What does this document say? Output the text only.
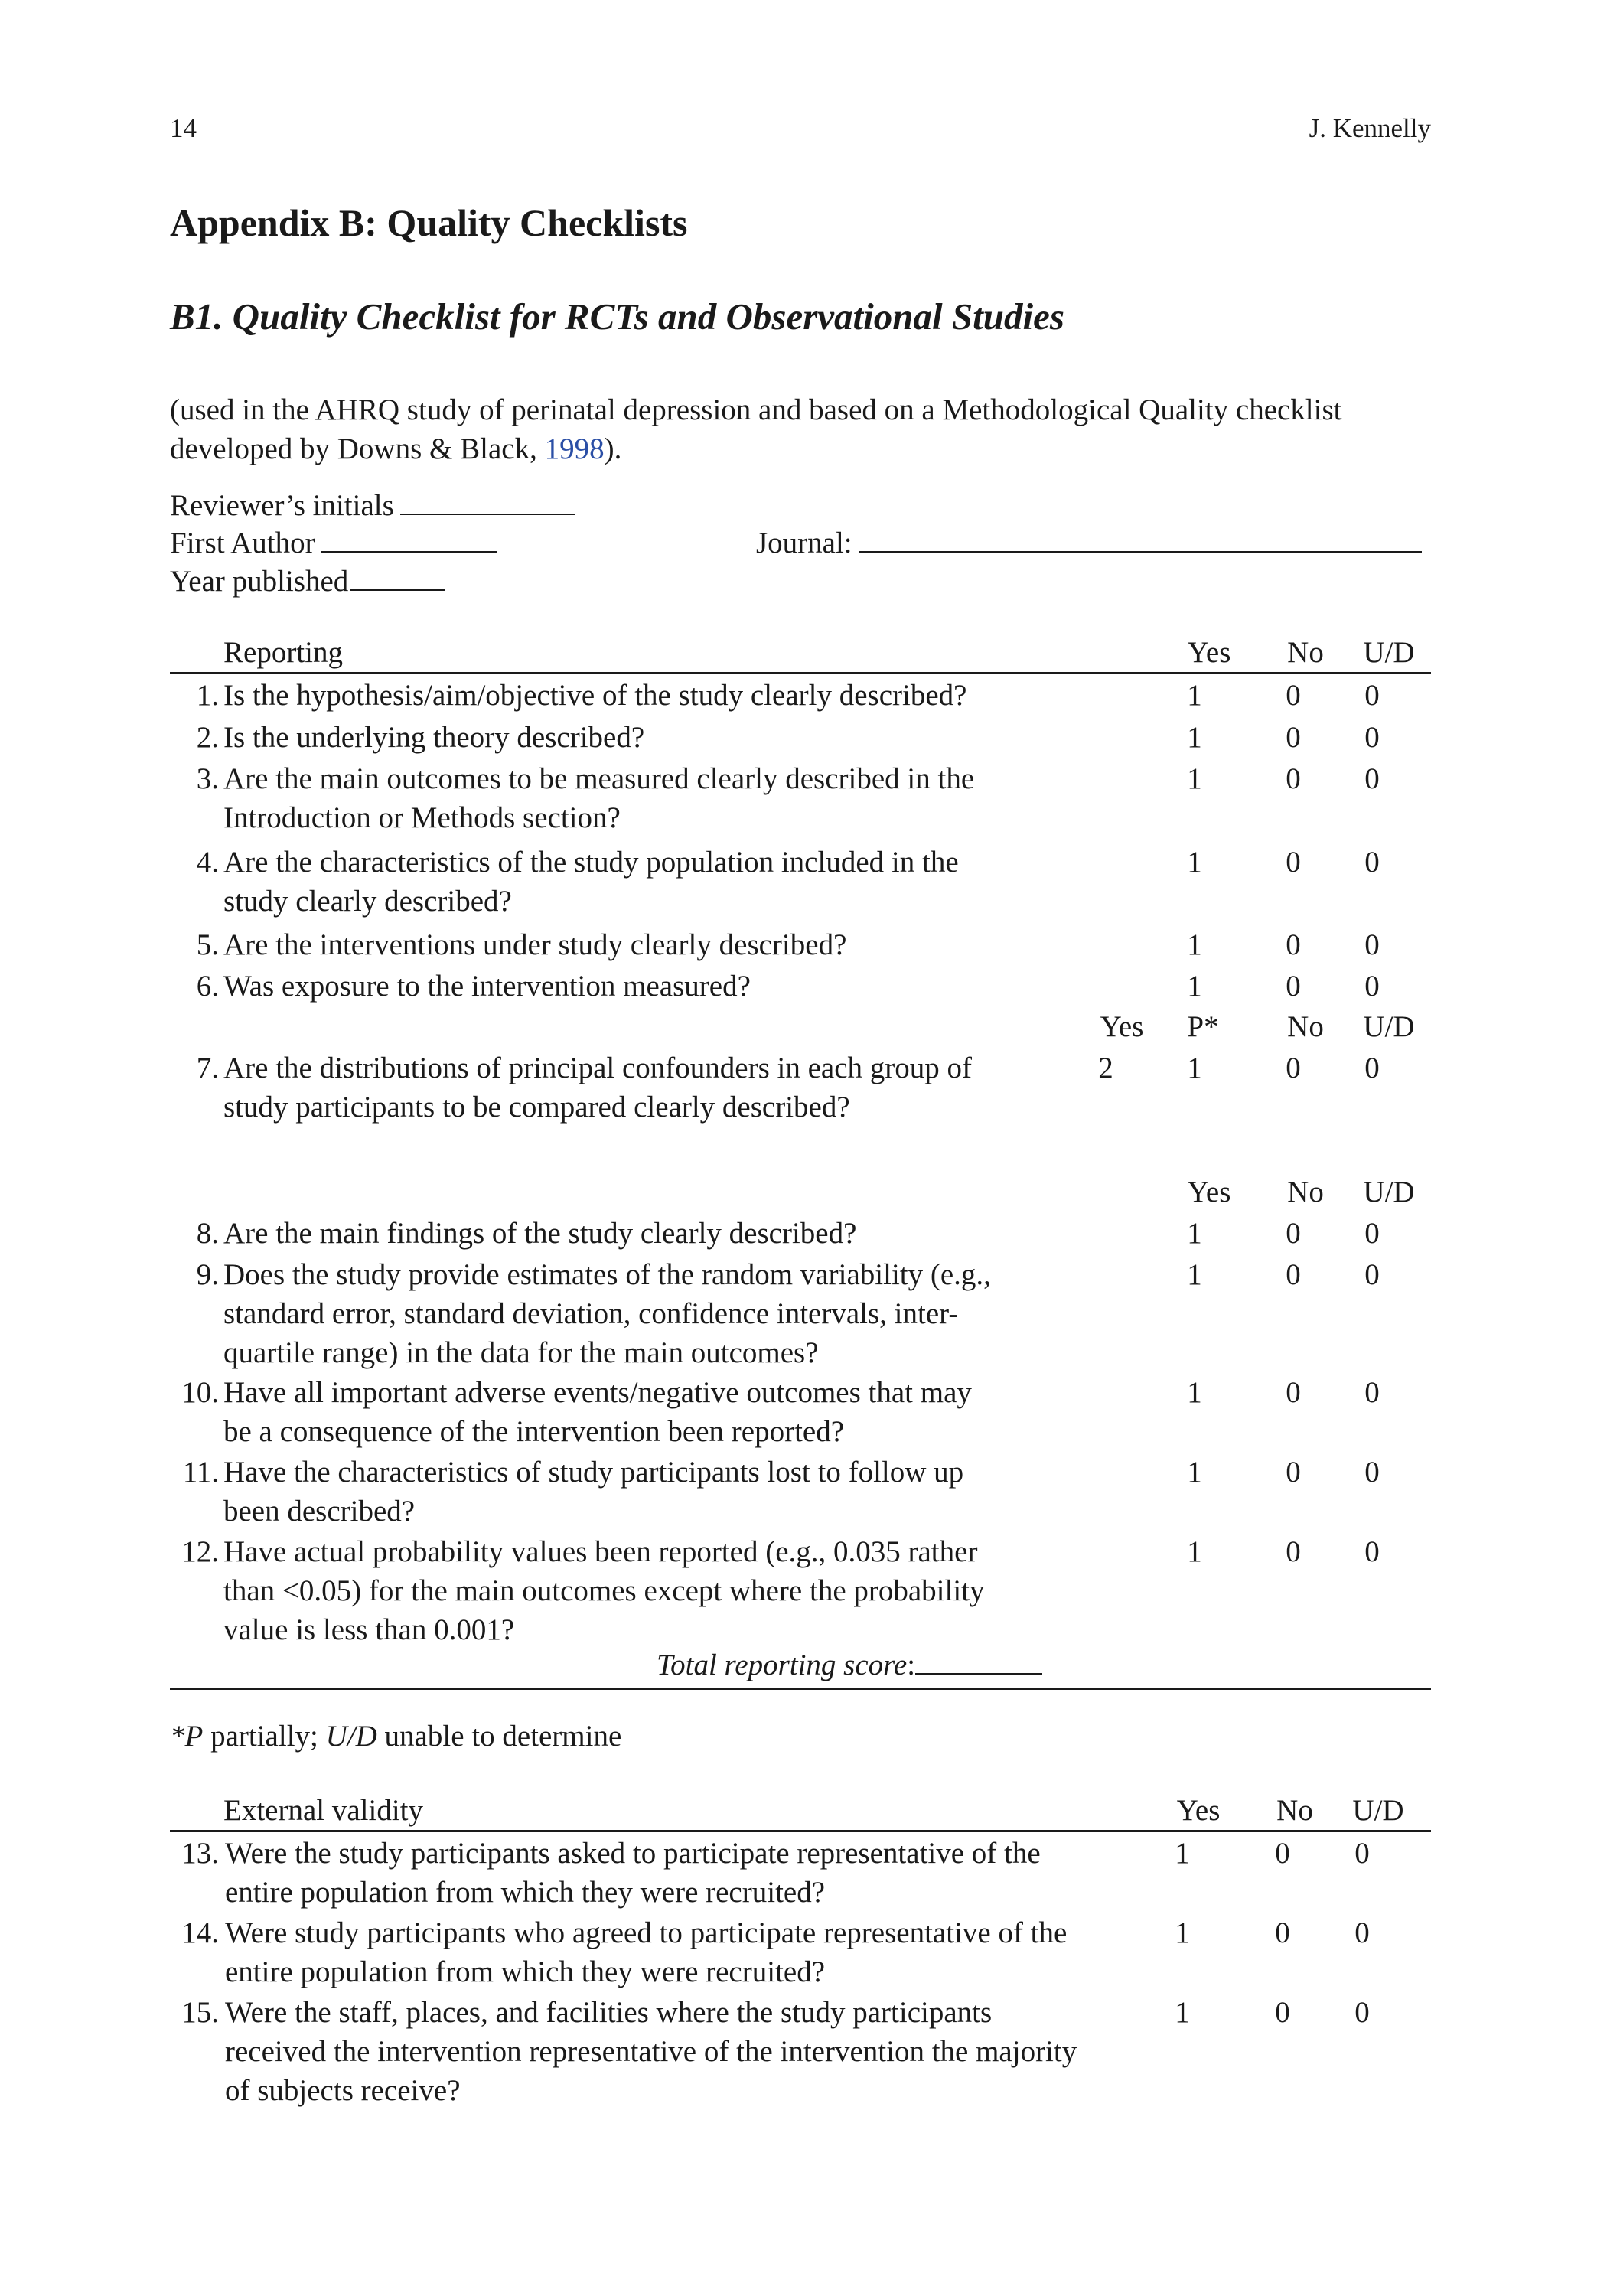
14	J. Kennelly
Appendix B: Quality Checklists
B1. Quality Checklist for RCTs and Observational Studies
(used in the AHRQ study of perinatal depression and based on a Methodological Quality checklist
developed by Downs & Black, 1998).
Reviewer’s initials
First Author	Journal:
Year published
Reporting	Yes No U/D
1. Is the hypothesis/aim/objective of the study clearly described?	1	0	0
2. Is the underlying theory described?	1	0	0
3. Are the main outcomes to be measured clearly described in the
Introduction or Methods section?
1	0	0
4. Are the characteristics of the study population included in the
study clearly described?
1	0	0
5. Are the interventions under study clearly described?	1	0	0
6. Was exposure to the intervention measured?	1	0	0
Yes	P*	No U/D
7. Are the distributions of principal confounders in each group of
study participants to be compared clearly described?
2	1	0	0
Yes No U/D
8. Are the main findings of the study clearly described?	1	0	0
9. Does the study provide estimates of the random variability (e.g.,
standard error, standard deviation, confidence intervals, inter-
quartile range) in the data for the main outcomes?
1	0	0
10. Have all important adverse events/negative outcomes that may
be a consequence of the intervention been reported?
1	0	0
11. Have the characteristics of study participants lost to follow up
been described?
1	0	0
12. Have actual probability values been reported (e.g., 0.035 rather
than <0.05) for the main outcomes except where the probability
value is less than 0.001?
1	0	0
Total reporting score:
*P partially; U/D unable to determine
External validity	Yes No U/D
13. Were the study participants asked to participate representative of the
entire population from which they were recruited?
1	0	0
14. Were study participants who agreed to participate representative of the
entire population from which they were recruited?
1	0	0
15. Were the staff, places, and facilities where the study participants
received the intervention representative of the intervention the majority
of subjects receive?
1	0	0
